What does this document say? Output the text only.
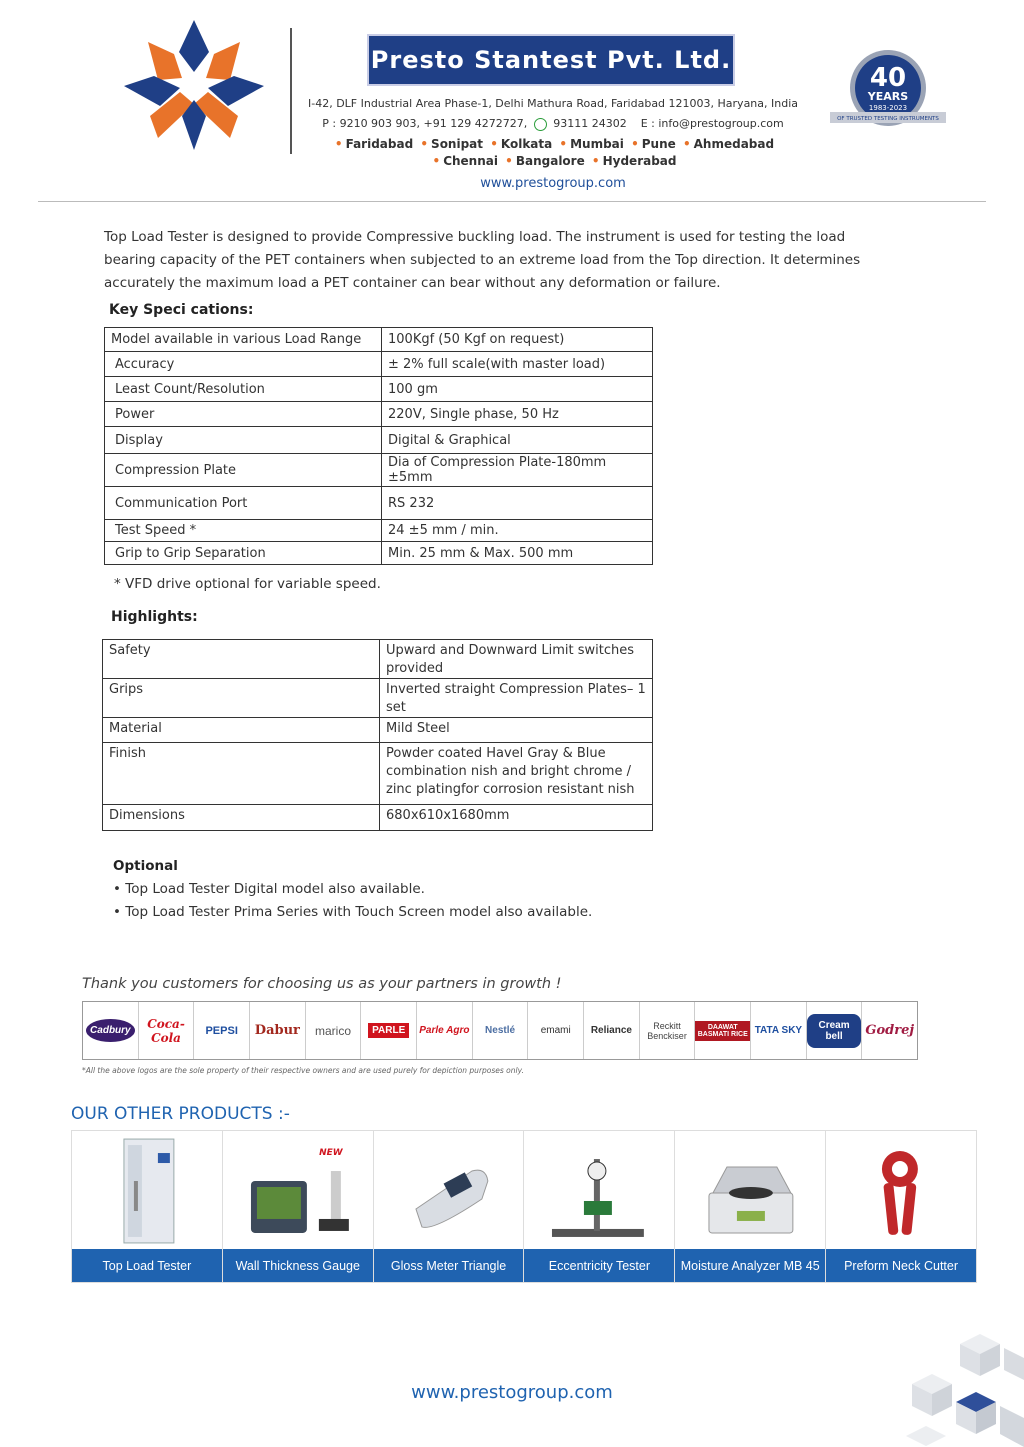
Presto Stantest Pvt. Ltd.
I-42, DLF Industrial Area Phase-1, Delhi Mathura Road, Faridabad 121003, Haryana, India
P : 9210 903 903, +91 129 4272727, 93111 24302 E : info@prestogroup.com
• Faridabad • Sonipat • Kolkata • Mumbai • Pune • Ahmedabad
• Chennai • Bangalore • Hyderabad
www.prestogroup.com
40
YEARS
1983-2023
OF TRUSTED TESTING INSTRUMENTS
Top Load Tester is designed to provide Compressive buckling load. The instrument is used for testing the load bearing capacity of the PET containers when subjected to an extreme load from the Top direction. It determines accurately the maximum load a PET container can bear without any deformation or failure.
Key Speci cations:
Model available in various Load Range	100Kgf (50 Kgf on request)
Accuracy	± 2% full scale(with master load)
Least Count/Resolution	100 gm
Power	220V, Single phase, 50 Hz
Display	Digital & Graphical
Compression Plate	Dia of Compression Plate-180mm ±5mm
Communication Port	RS 232
Test Speed *	24 ±5 mm / min.
Grip to Grip Separation	Min. 25 mm & Max. 500 mm
* VFD drive optional for variable speed.
Highlights:
Safety	Upward and Downward Limit switches provided
Grips	Inverted straight Compression Plates– 1 set
Material	Mild Steel
Finish	Powder coated Havel Gray & Blue combination nish and bright chrome / zinc platingfor corrosion resistant nish
Dimensions	680x610x1680mm
Optional
• Top Load Tester Digital model also available.
• Top Load Tester Prima Series with Touch Screen model also available.
Thank you customers for choosing us as your partners in growth !
Cadbury	Coca-Cola	PEPSI Dabur marico	PARLE	Parle Agro Nestlé	emami Reliance	Reckitt Benckiser
DAAWAT BASMATI RICE TATA SKY	Cream bell	Godrej
*All the above logos are the sole property of their respective owners and are used purely for depiction purposes only.
OUR OTHER PRODUCTS :-
Top Load Tester
NEW
Wall Thickness Gauge	Gloss Meter Triangle	Eccentricity Tester	Moisture Analyzer MB 45	Preform Neck Cutter
www.prestogroup.com
